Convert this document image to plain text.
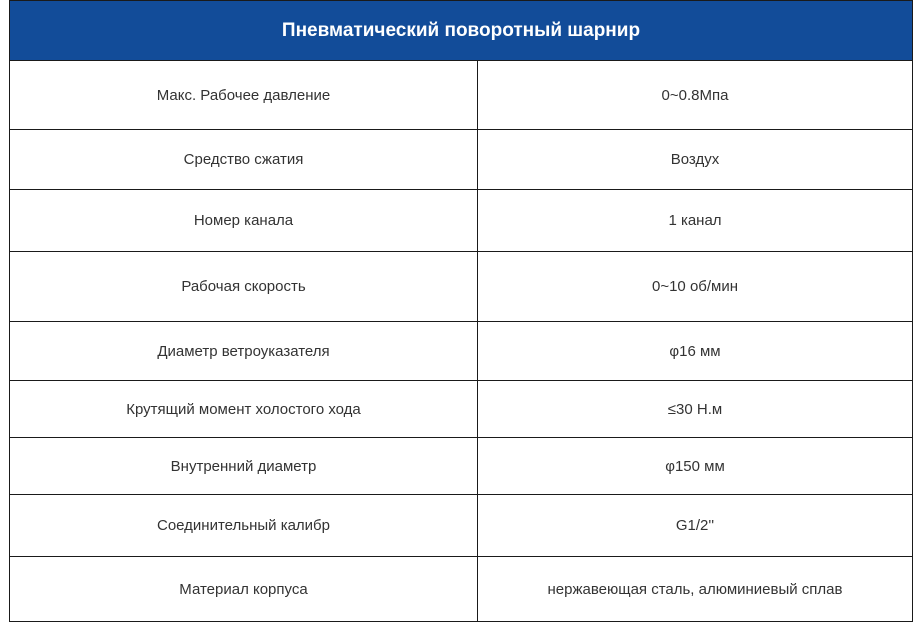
Пневматический поворотный шарнир	
Макс. Рабочее давление	0~0.8Мпа
Средство сжатия	Воздух
Номер канала	1 канал
Рабочая скорость	0~10 об/мин
Диаметр ветроуказателя	φ16 мм
Крутящий момент холостого хода	≤30 Н.м
Внутренний диаметр	φ150 мм
Соединительный калибр	G1/2''
Материал корпуса	нержавеющая сталь, алюминиевый сплав
